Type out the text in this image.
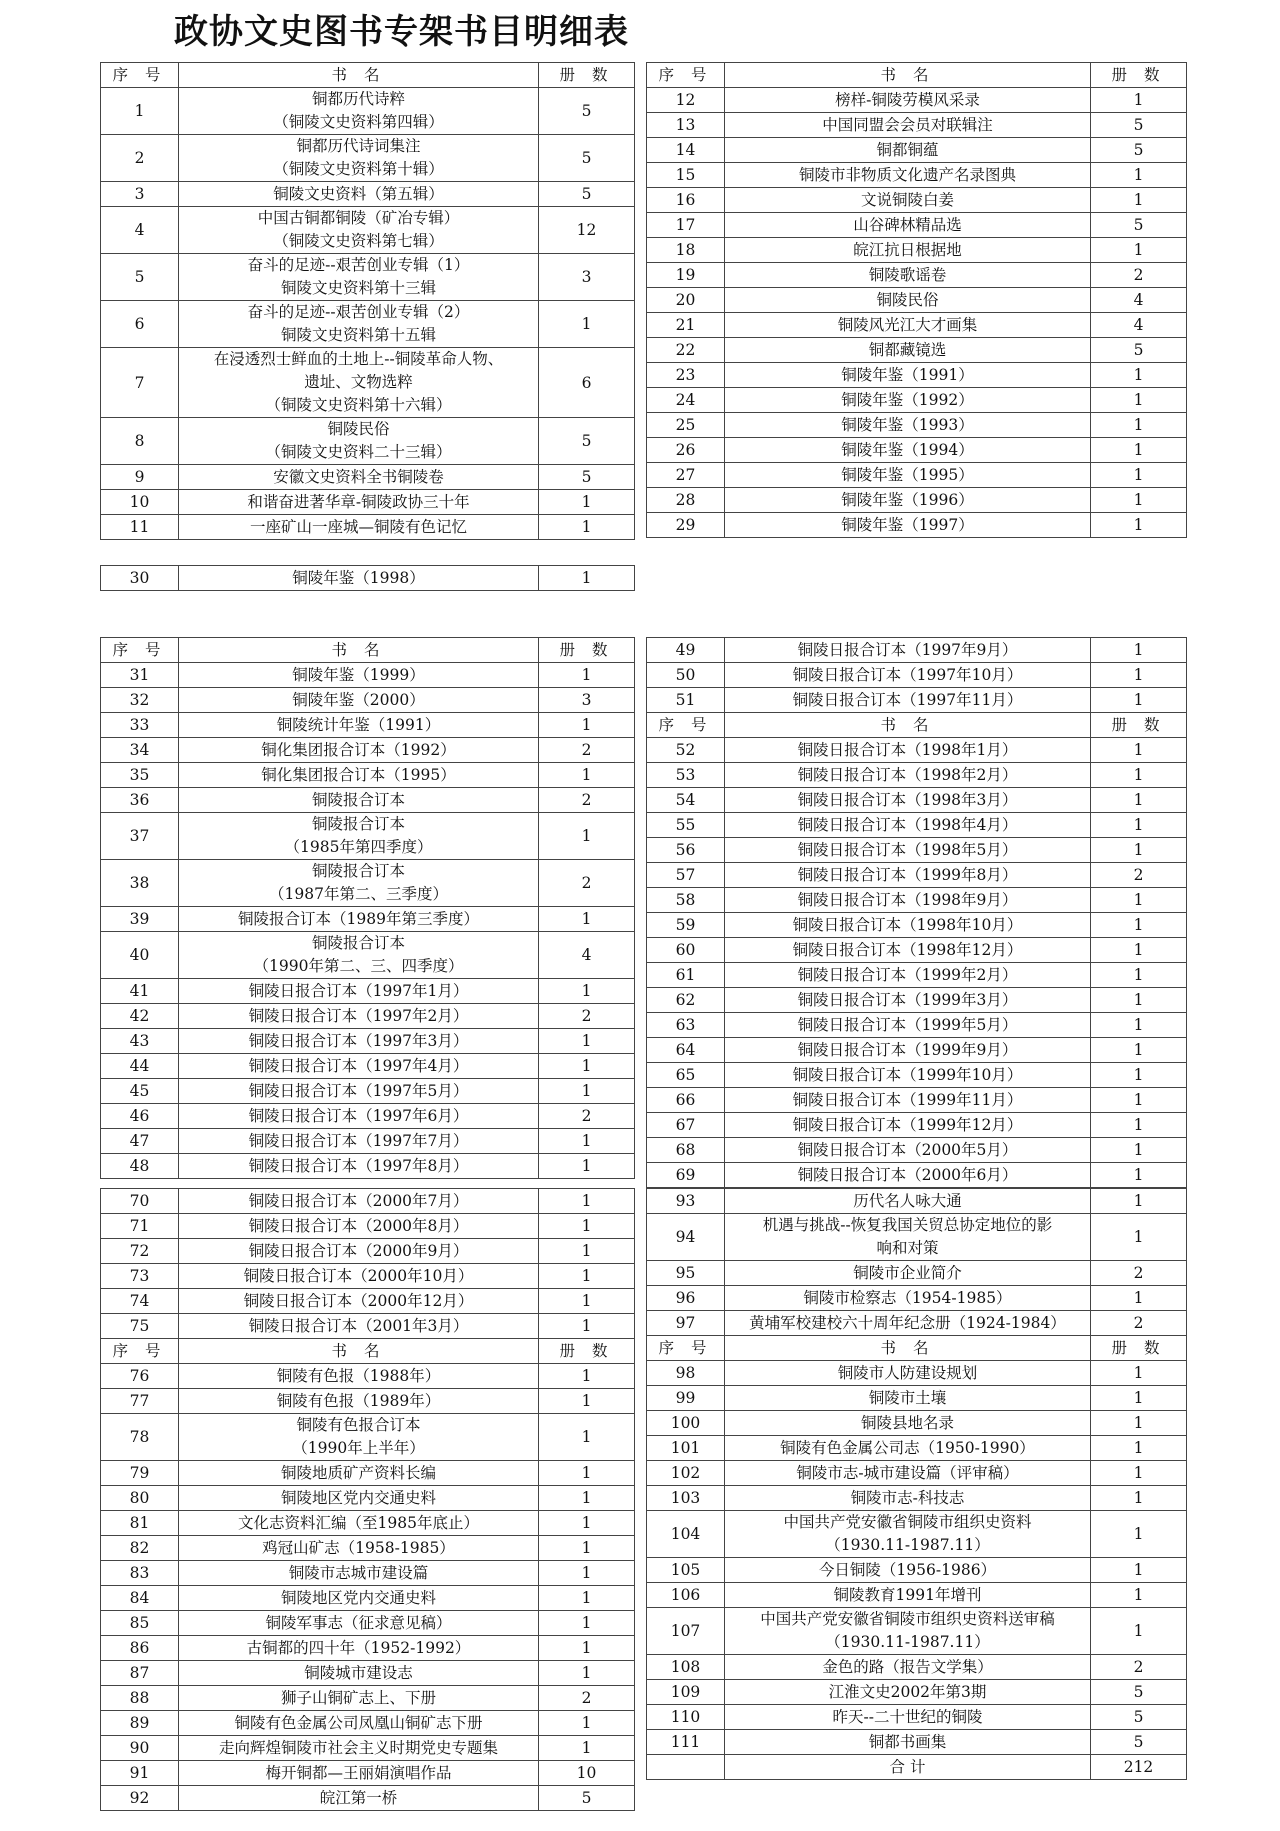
政协文史图书专架书目明细表
序 号	书 名	册 数
1	铜都历代诗粹
（铜陵文史资料第四辑）	5
2	铜都历代诗词集注
（铜陵文史资料第十辑）	5
3	铜陵文史资料（第五辑）	5
4	中国古铜都铜陵（矿冶专辑）
（铜陵文史资料第七辑）	12
5	奋斗的足迹--艰苦创业专辑（1）
铜陵文史资料第十三辑	3
6	奋斗的足迹--艰苦创业专辑（2）
铜陵文史资料第十五辑	1
7	在浸透烈士鲜血的土地上--铜陵革命人物、
遗址、文物选粹
（铜陵文史资料第十六辑）	6
8	铜陵民俗
（铜陵文史资料二十三辑）	5
9	安徽文史资料全书铜陵卷	5
10	和谐奋进著华章-铜陵政协三十年	1
11	一座矿山一座城—铜陵有色记忆	1
序 号	书 名	册 数
12	榜样-铜陵劳模风采录	1
13	中国同盟会会员对联辑注	5
14	铜都铜蕴	5
15	铜陵市非物质文化遗产名录图典	1
16	文说铜陵白姜	1
17	山谷碑林精品选	5
18	皖江抗日根据地	1
19	铜陵歌谣卷	2
20	铜陵民俗	4
21	铜陵风光江大才画集	4
22	铜都藏镜选	5
23	铜陵年鉴（1991）	1
24	铜陵年鉴（1992）	1
25	铜陵年鉴（1993）	1
26	铜陵年鉴（1994）	1
27	铜陵年鉴（1995）	1
28	铜陵年鉴（1996）	1
29	铜陵年鉴（1997）	1
30	铜陵年鉴（1998）	1
序 号	书 名	册 数
31	铜陵年鉴（1999）	1
32	铜陵年鉴（2000）	3
33	铜陵统计年鉴（1991）	1
34	铜化集团报合订本（1992）	2
35	铜化集团报合订本（1995）	1
36	铜陵报合订本	2
37	铜陵报合订本
（1985年第四季度）	1
38	铜陵报合订本
（1987年第二、三季度）	2
39	铜陵报合订本（1989年第三季度）	1
40	铜陵报合订本
（1990年第二、三、四季度）	4
41	铜陵日报合订本（1997年1月）	1
42	铜陵日报合订本（1997年2月）	2
43	铜陵日报合订本（1997年3月）	1
44	铜陵日报合订本（1997年4月）	1
45	铜陵日报合订本（1997年5月）	1
46	铜陵日报合订本（1997年6月）	2
47	铜陵日报合订本（1997年7月）	1
48	铜陵日报合订本（1997年8月）	1
49	铜陵日报合订本（1997年9月）	1
50	铜陵日报合订本（1997年10月）	1
51	铜陵日报合订本（1997年11月）	1
序 号	书 名	册 数
52	铜陵日报合订本（1998年1月）	1
53	铜陵日报合订本（1998年2月）	1
54	铜陵日报合订本（1998年3月）	1
55	铜陵日报合订本（1998年4月）	1
56	铜陵日报合订本（1998年5月）	1
57	铜陵日报合订本（1999年8月）	2
58	铜陵日报合订本（1998年9月）	1
59	铜陵日报合订本（1998年10月）	1
60	铜陵日报合订本（1998年12月）	1
61	铜陵日报合订本（1999年2月）	1
62	铜陵日报合订本（1999年3月）	1
63	铜陵日报合订本（1999年5月）	1
64	铜陵日报合订本（1999年9月）	1
65	铜陵日报合订本（1999年10月）	1
66	铜陵日报合订本（1999年11月）	1
67	铜陵日报合订本（1999年12月）	1
68	铜陵日报合订本（2000年5月）	1
69	铜陵日报合订本（2000年6月）	1
70	铜陵日报合订本（2000年7月）	1
71	铜陵日报合订本（2000年8月）	1
72	铜陵日报合订本（2000年9月）	1
73	铜陵日报合订本（2000年10月）	1
74	铜陵日报合订本（2000年12月）	1
75	铜陵日报合订本（2001年3月）	1
序 号	书 名	册 数
76	铜陵有色报（1988年）	1
77	铜陵有色报（1989年）	1
78	铜陵有色报合订本
（1990年上半年）	1
79	铜陵地质矿产资料长编	1
80	铜陵地区党内交通史料	1
81	文化志资料汇编（至1985年底止）	1
82	鸡冠山矿志（1958-1985）	1
83	铜陵市志城市建设篇	1
84	铜陵地区党内交通史料	1
85	铜陵军事志（征求意见稿）	1
86	古铜都的四十年（1952-1992）	1
87	铜陵城市建设志	1
88	狮子山铜矿志上、下册	2
89	铜陵有色金属公司凤凰山铜矿志下册	1
90	走向辉煌铜陵市社会主义时期党史专题集	1
91	梅开铜都—王丽娟演唱作品	10
92	皖江第一桥	5
93	历代名人咏大通	1
94	机遇与挑战--恢复我国关贸总协定地位的影
响和对策	1
95	铜陵市企业简介	2
96	铜陵市检察志（1954-1985）	1
97	黄埔军校建校六十周年纪念册（1924-1984）	2
序 号	书 名	册 数
98	铜陵市人防建设规划	1
99	铜陵市土壤	1
100	铜陵县地名录	1
101	铜陵有色金属公司志（1950-1990）	1
102	铜陵市志-城市建设篇（评审稿）	1
103	铜陵市志-科技志	1
104	中国共产党安徽省铜陵市组织史资料
（1930.11-1987.11）	1
105	今日铜陵（1956-1986）	1
106	铜陵教育1991年增刊	1
107	中国共产党安徽省铜陵市组织史资料送审稿
（1930.11-1987.11）	1
108	金色的路（报告文学集）	2
109	江淮文史2002年第3期	5
110	昨天--二十世纪的铜陵	5
111	铜都书画集	5
	合 计	212
